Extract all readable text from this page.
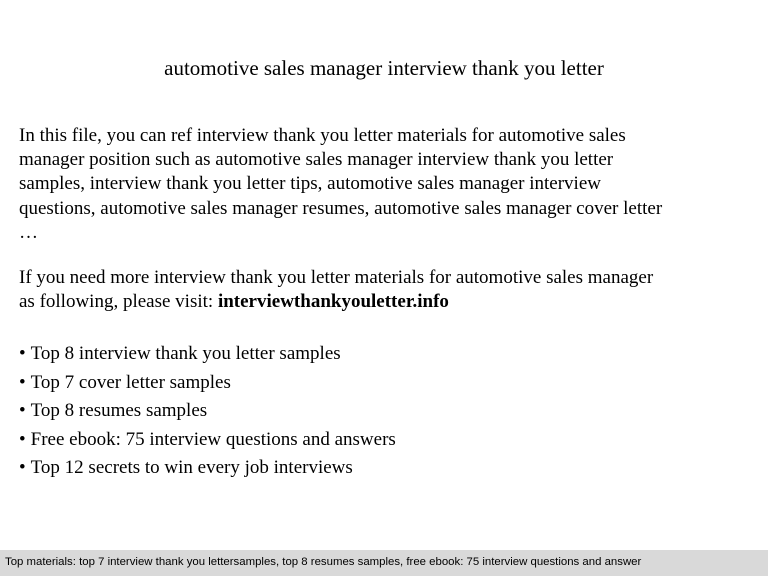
automotive sales manager interview thank you letter
In this file, you can ref interview thank you letter materials for automotive sales
manager position such as automotive sales manager interview thank you letter
samples, interview thank you letter tips, automotive sales manager interview
questions, automotive sales manager resumes, automotive sales manager cover letter
…
If you need more interview thank you letter materials for automotive sales manager
as following, please visit: interviewthankyouletter.info
• Top 8 interview thank you letter samples
• Top 7 cover letter samples
• Top 8 resumes samples
• Free ebook: 75 interview questions and answers
• Top 12 secrets to win every job interviews
Top materials: top 7 interview thank you lettersamples, top 8 resumes samples, free ebook: 75 interview questions and answer
